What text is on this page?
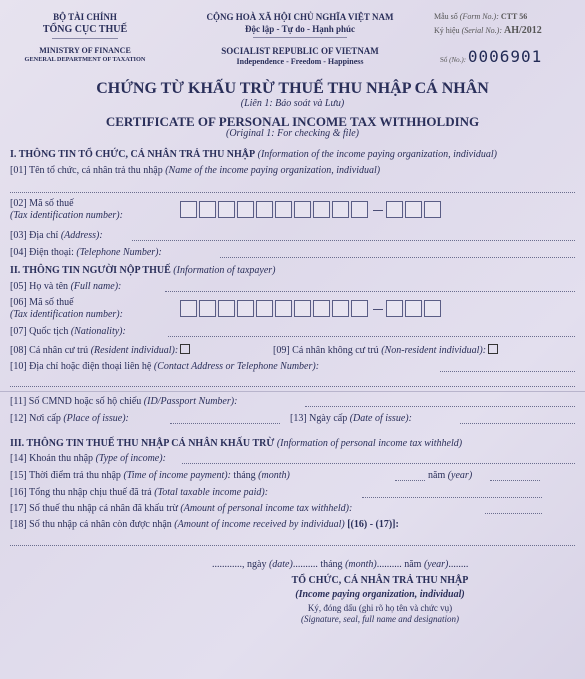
BỘ TÀI CHÍNH
TỔNG CỤC THUẾ
MINISTRY OF FINANCE
GENERAL DEPARTMENT OF TAXATION
CỘNG HOÀ XÃ HỘI CHỦ NGHĨA VIỆT NAM
Độc lập - Tự do - Hạnh phúc
SOCIALIST REPUBLIC OF VIETNAM
Independence - Freedom - Happiness
Mẫu số (Form No.): CTT 56
Ký hiệu (Serial No.): AH/2012
Số (No.): 0006901
CHỨNG TỪ KHẤU TRỪ THUẾ THU NHẬP CÁ NHÂN
(Liên 1: Báo soát và Lưu)
CERTIFICATE OF PERSONAL INCOME TAX WITHHOLDING
(Original 1: For checking & file)
I. THÔNG TIN TỔ CHỨC, CÁ NHÂN TRẢ THU NHẬP (Information of the income paying organization, individual)
[01] Tên tổ chức, cá nhân trả thu nhập (Name of the income paying organization, individual)
[02] Mã số thuế
(Tax identification number):
[03] Địa chỉ (Address):
[04] Điện thoại: (Telephone Number):
II. THÔNG TIN NGƯỜI NỘP THUẾ (Information of taxpayer)
[05] Họ và tên (Full name):
[06] Mã số thuế
(Tax identification number):
[07] Quốc tịch (Nationality):
[08] Cá nhân cư trú (Resident individual):	[09] Cá nhân không cư trú (Non-resident individual):
[10] Địa chỉ hoặc điện thoại liên hệ (Contact Address or Telephone Number):
[11] Số CMND hoặc số hộ chiếu (ID/Passport Number):
[12] Nơi cấp (Place of issue):	[13] Ngày cấp (Date of issue):
III. THÔNG TIN THUẾ THU NHẬP CÁ NHÂN KHẤU TRỪ (Information of personal income tax withheld)
[14] Khoản thu nhập (Type of income):
[15] Thời điểm trả thu nhập (Time of income payment): tháng (month)	năm (year)
[16] Tổng thu nhập chịu thuế đã trả (Total taxable income paid):
[17] Số thuế thu nhập cá nhân đã khấu trừ (Amount of personal income tax withheld):
[18] Số thu nhập cá nhân còn được nhận (Amount of income received by individual) [(16) - (17)]:
............, ngày (date).......... tháng (month).......... năm (year)........
TỔ CHỨC, CÁ NHÂN TRẢ THU NHẬP
(Income paying organization, individual)
Ký, đóng dấu (ghi rõ họ tên và chức vụ)
(Signature, seal, full name and designation)
